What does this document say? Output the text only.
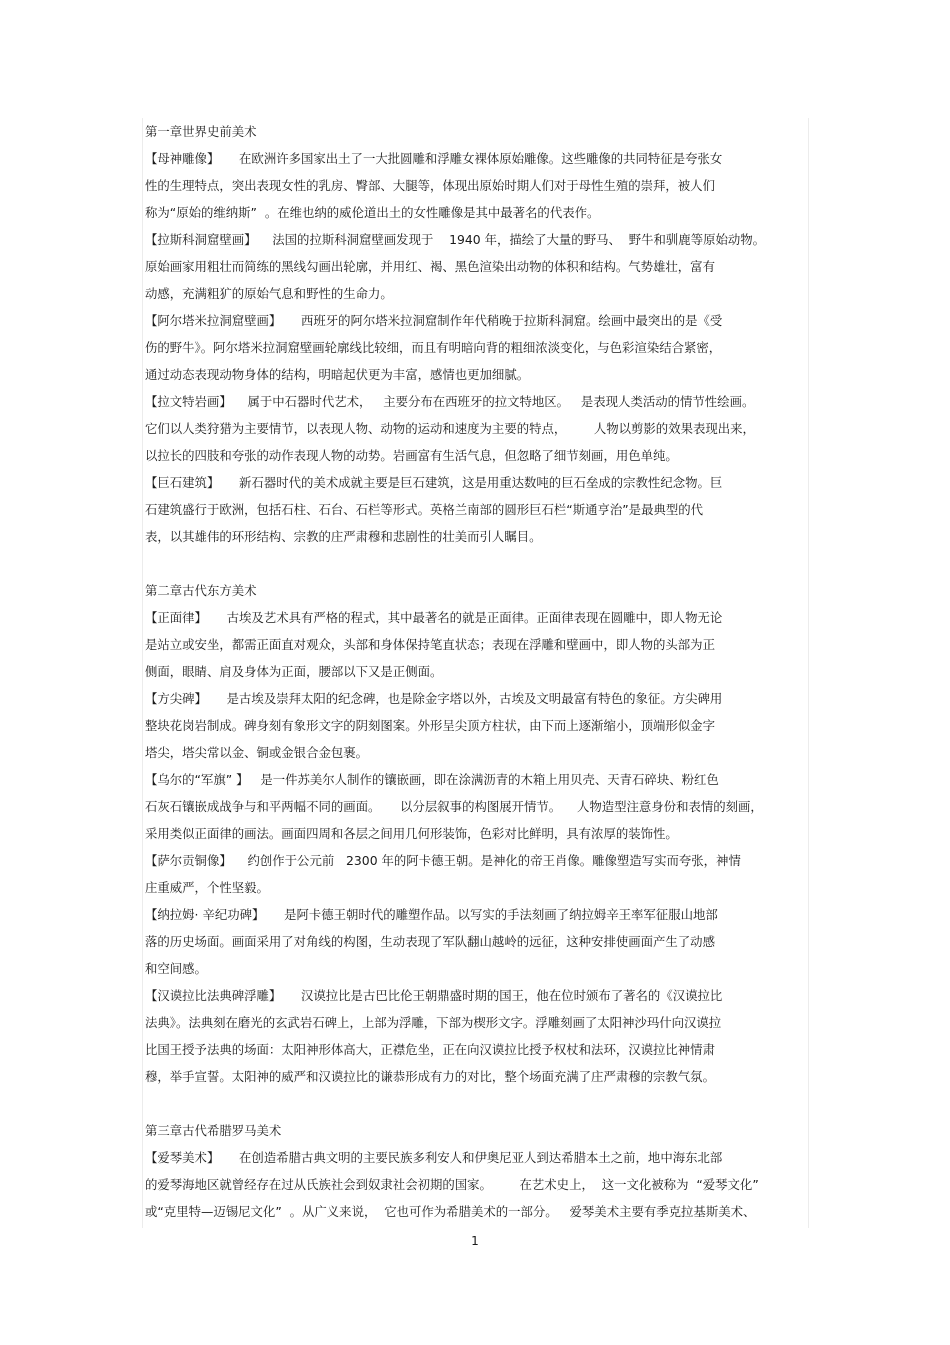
第一章世界史前美术
【母神雕像】     在欧洲许多国家出土了一大批圆雕和浮雕女裸体原始雕像。这些雕像的共同特征是夸张女
性的生理特点，突出表现女性的乳房、臀部、大腿等，体现出原始时期人们对于母性生殖的崇拜，被人们
称为“原始的维纳斯”  。在维也纳的威伦道出土的女性雕像是其中最著名的代表作。
【拉斯科洞窟壁画】    法国的拉斯科洞窟壁画发现于    1940 年，描绘了大量的野马、  野牛和驯鹿等原始动物。
原始画家用粗壮而简练的黑线勾画出轮廓，并用红、褐、黑色渲染出动物的体积和结构。气势雄壮，富有
动感，充满粗犷的原始气息和野性的生命力。
【阿尔塔米拉洞窟壁画】     西班牙的阿尔塔米拉洞窟制作年代稍晚于拉斯科洞窟。绘画中最突出的是《受
伤的野牛》。阿尔塔米拉洞窟壁画轮廓线比较细，而且有明暗向背的粗细浓淡变化，与色彩渲染结合紧密，
通过动态表现动物身体的结构，明暗起伏更为丰富，感情也更加细腻。
【拉文特岩画】    属于中石器时代艺术，   主要分布在西班牙的拉文特地区。   是表现人类活动的情节性绘画。
它们以人类狩猎为主要情节，以表现人物、动物的运动和速度为主要的特点，       人物以剪影的效果表现出来，
以拉长的四肢和夸张的动作表现人物的动势。岩画富有生活气息，但忽略了细节刻画，用色单纯。
【巨石建筑】     新石器时代的美术成就主要是巨石建筑，这是用重达数吨的巨石垒成的宗教性纪念物。巨
石建筑盛行于欧洲，包括石柱、石台、石栏等形式。英格兰南部的圆形巨石栏“斯通亨治”是最典型的代
表，以其雄伟的环形结构、宗教的庄严肃穆和悲剧性的壮美而引人瞩目。
第二章古代东方美术
【正面律】     古埃及艺术具有严格的程式，其中最著名的就是正面律。正面律表现在圆雕中，即人物无论
是站立或安坐，都需正面直对观众，头部和身体保持笔直状态；表现在浮雕和壁画中，即人物的头部为正
侧面，眼睛、肩及身体为正面，腰部以下又是正侧面。
【方尖碑】     是古埃及崇拜太阳的纪念碑，也是除金字塔以外，古埃及文明最富有特色的象征。方尖碑用
整块花岗岩制成。碑身刻有象形文字的阴刻图案。外形呈尖顶方柱状，由下而上逐渐缩小，顶端形似金字
塔尖，塔尖常以金、铜或金银合金包裹。
【乌尔的“军旗” 】   是一件苏美尔人制作的镶嵌画，即在涂满沥青的木箱上用贝壳、天青石碎块、粉红色
石灰石镶嵌成战争与和平两幅不同的画面。     以分层叙事的构图展开情节。    人物造型注意身份和表情的刻画，
采用类似正面律的画法。画面四周和各层之间用几何形装饰，色彩对比鲜明，具有浓厚的装饰性。
【萨尔贡铜像】    约创作于公元前   2300 年的阿卡德王朝。是神化的帝王肖像。雕像塑造写实而夸张，神情
庄重威严，个性坚毅。
【纳拉姆· 辛纪功碑】     是阿卡德王朝时代的雕塑作品。以写实的手法刻画了纳拉姆辛王率军征服山地部
落的历史场面。画面采用了对角线的构图，生动表现了军队翻山越岭的远征，这种安排使画面产生了动感
和空间感。
【汉谟拉比法典碑浮雕】     汉谟拉比是古巴比伦王朝鼎盛时期的国王，他在位时颁布了著名的《汉谟拉比
法典》。法典刻在磨光的玄武岩石碑上，上部为浮雕，下部为楔形文字。浮雕刻画了太阳神沙玛什向汉谟拉
比国王授予法典的场面：太阳神形体高大，正襟危坐，正在向汉谟拉比授予权杖和法环，汉谟拉比神情肃
穆，举手宣誓。太阳神的威严和汉谟拉比的谦恭形成有力的对比，整个场面充满了庄严肃穆的宗教气氛。
第三章古代希腊罗马美术
【爱琴美术】     在创造希腊古典文明的主要民族多利安人和伊奥尼亚人到达希腊本土之前，地中海东北部
的爱琴海地区就曾经存在过从氏族社会到奴隶社会初期的国家。       在艺术史上，  这一文化被称为  “爱琴文化”
或“克里特—迈锡尼文化”  。从广义来说，  它也可作为希腊美术的一部分。   爱琴美术主要有季克拉基斯美术、
1
